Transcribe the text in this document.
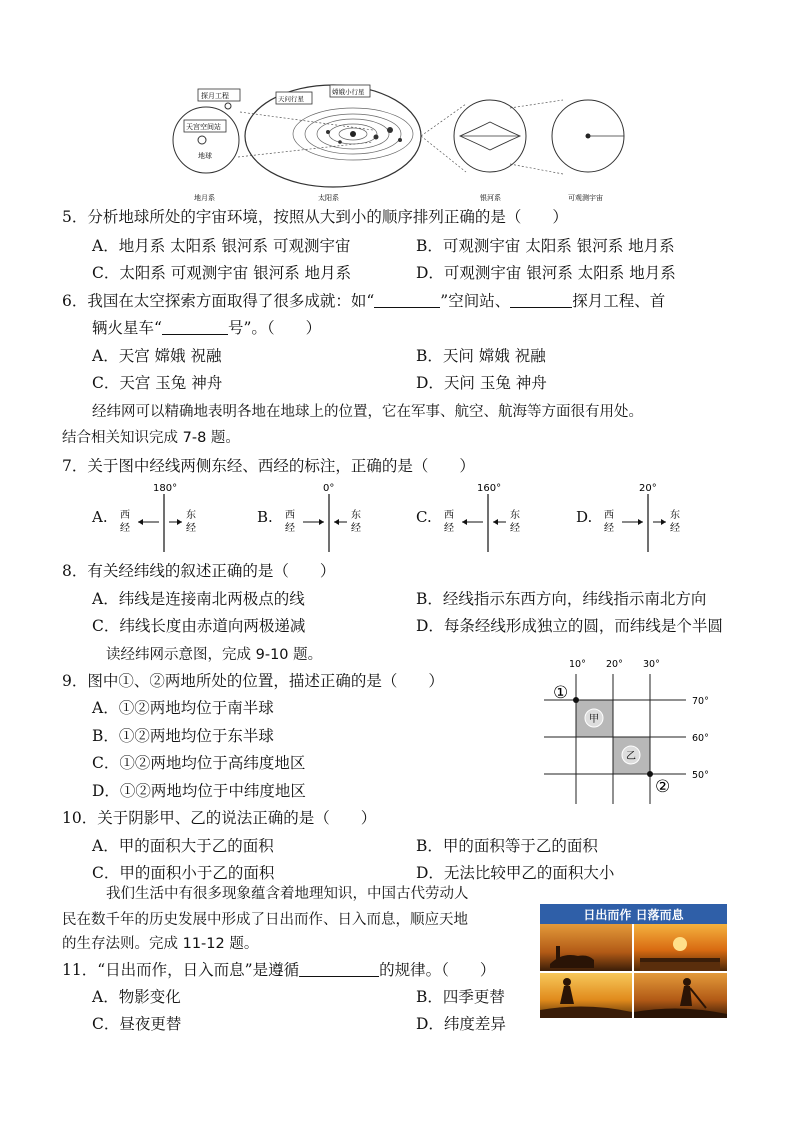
探月工程
天宫空间站
地球
天问行星
嫦娥小行星
地月系	太阳系	银河系	可观测宇宙
5．分析地球所处的宇宙环境，按照从大到小的顺序排列正确的是（　　）
A．地月系 太阳系 银河系 可观测宇宙	B．可观测宇宙 太阳系 银河系 地月系
C．太阳系 可观测宇宙 银河系 地月系	D．可观测宇宙 银河系 太阳系 地月系
6．我国在太空探索方面取得了很多成就：如“	”空间站、	探月工程、首
辆火星车“	号”。（　　）
A．天宫 嫦娥 祝融	B．天问 嫦娥 祝融
C．天宫 玉兔 神舟	D．天问 玉兔 神舟
经纬网可以精确地表明各地在地球上的位置，它在军事、航空、航海等方面很有用处。
结合相关知识完成 7-8 题。
7．关于图中经线两侧东经、西经的标注，正确的是（　　）
A.
180°
西
经
东
经
B.
0°
西
经
东
经
C.
160°
西
经
东
经
D.
20°
西
经
东
经
8．有关经纬线的叙述正确的是（　　）
A．纬线是连接南北两极点的线	B．经线指示东西方向，纬线指示南北方向
C．纬线长度由赤道向两极递减	D．每条经线形成独立的圆，而纬线是个半圆
读经纬网示意图，完成 9-10 题。
10° 20° 30°
70°
60°
50°
①
②
甲
乙
9．图中①、②两地所处的位置，描述正确的是（　　）
A．①②两地均位于南半球
B．①②两地均位于东半球
C．①②两地均位于高纬度地区
D．①②两地均位于中纬度地区
10．关于阴影甲、乙的说法正确的是（　　）
A．甲的面积大于乙的面积	B．甲的面积等于乙的面积
C．甲的面积小于乙的面积	D．无法比较甲乙的面积大小
我们生活中有很多现象蕴含着地理知识，中国古代劳动人
民在数千年的历史发展中形成了日出而作、日入而息，顺应天地
的生存法则。完成 11-12 题。
日出而作 日落而息
11．“日出而作，日入而息”是遵循	的规律。（　　）
A．物影变化	B．四季更替
C．昼夜更替	D．纬度差异
